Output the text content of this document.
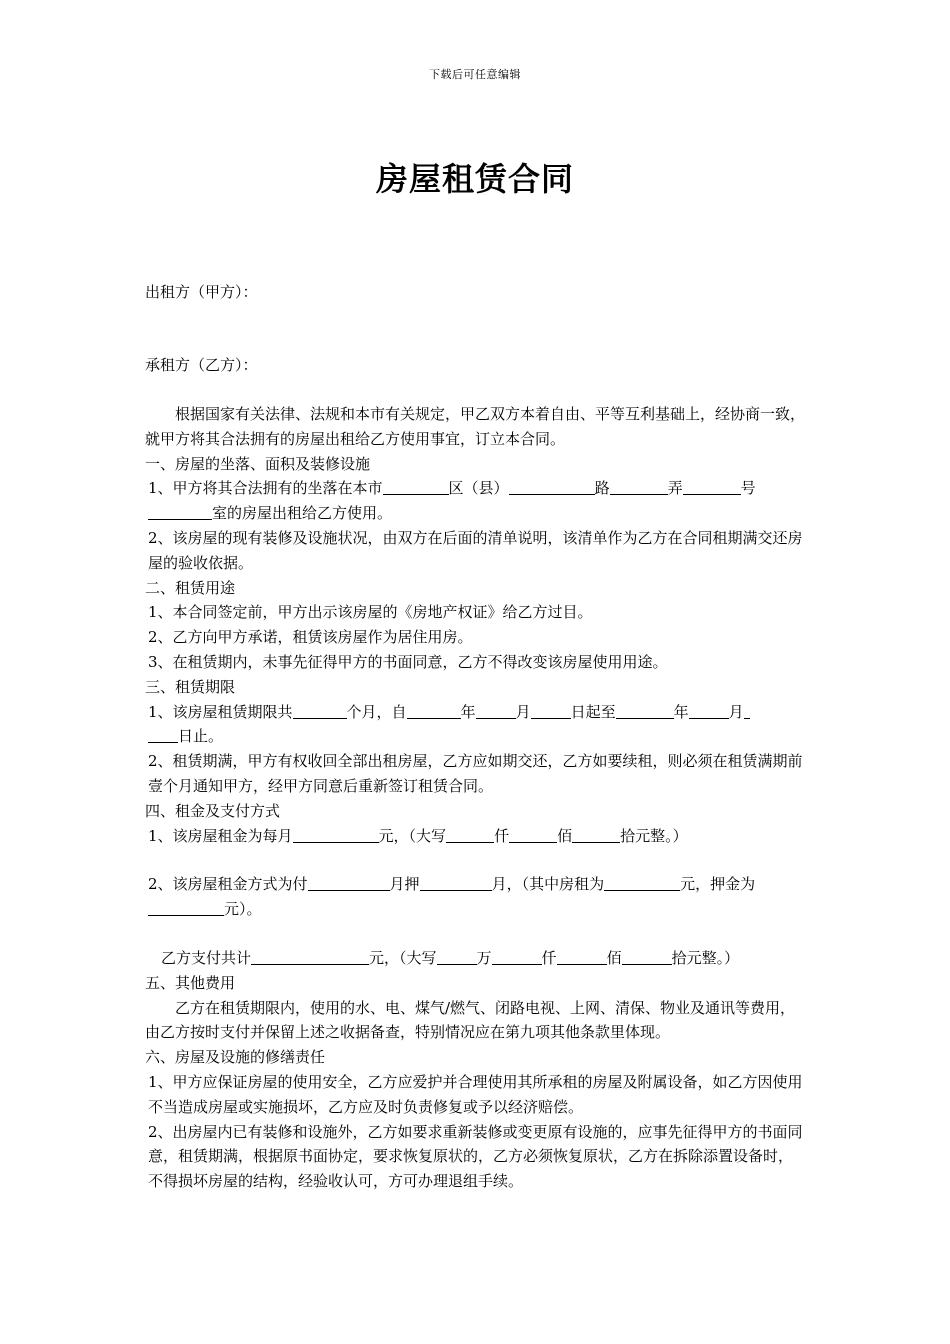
下载后可任意编辑
房屋租赁合同
出租方（甲方）：
承租方（乙方）：

根据国家有关法律、法规和本市有关规定，甲乙双方本着自由、平等互利基础上，经协商一致，就甲方将其合法拥有的房屋出租给乙方使用事宜，订立本合同。

一、房屋的坐落、面积及装修设施

1、甲方将其合法拥有的坐落在本市	区（县）	路	弄	号
室的房屋出租给乙方使用。

2、该房屋的现有装修及设施状况，由双方在后面的清单说明，该清单作为乙方在合同租期满交还房屋的验收依据。

二、租赁用途

1、本合同签定前，甲方出示该房屋的《房地产权证》给乙方过目。

2、乙方向甲方承诺，租赁该房屋作为居住用房。

3、在租赁期内，未事先征得甲方的书面同意，乙方不得改变该房屋使用用途。

三、租赁期限

1、该房屋租赁期限共	个月，自	年	月	日起至	年	月
日止。

2、租赁期满，甲方有权收回全部出租房屋，乙方应如期交还，乙方如要续租，则必须在租赁满期前壹个月通知甲方，经甲方同意后重新签订租赁合同。

四、租金及支付方式

1、该房屋租金为每月	元，（大写	仟	佰	拾元整。）

2、该房屋租金方式为付	月押	月，（其中房租为	元，押金为元）。

乙方支付共计	元，（大写	万	仟	佰	拾元整。）

五、其他费用

乙方在租赁期限内，使用的水、电、煤气/燃气、闭路电视、上网、清保、物业及通讯等费用，由乙方按时支付并保留上述之收据备查，特别情况应在第九项其他条款里体现。

六、房屋及设施的修缮责任

1、甲方应保证房屋的使用安全，乙方应爱护并合理使用其所承租的房屋及附属设备，如乙方因使用不当造成房屋或实施损坏，乙方应及时负责修复或予以经济赔偿。

2、出房屋内已有装修和设施外，乙方如要求重新装修或变更原有设施的，应事先征得甲方的书面同意，租赁期满，根据原书面协定，要求恢复原状的，乙方必须恢复原状，乙方在拆除添置设备时，不得损坏房屋的结构，经验收认可，方可办理退组手续。
